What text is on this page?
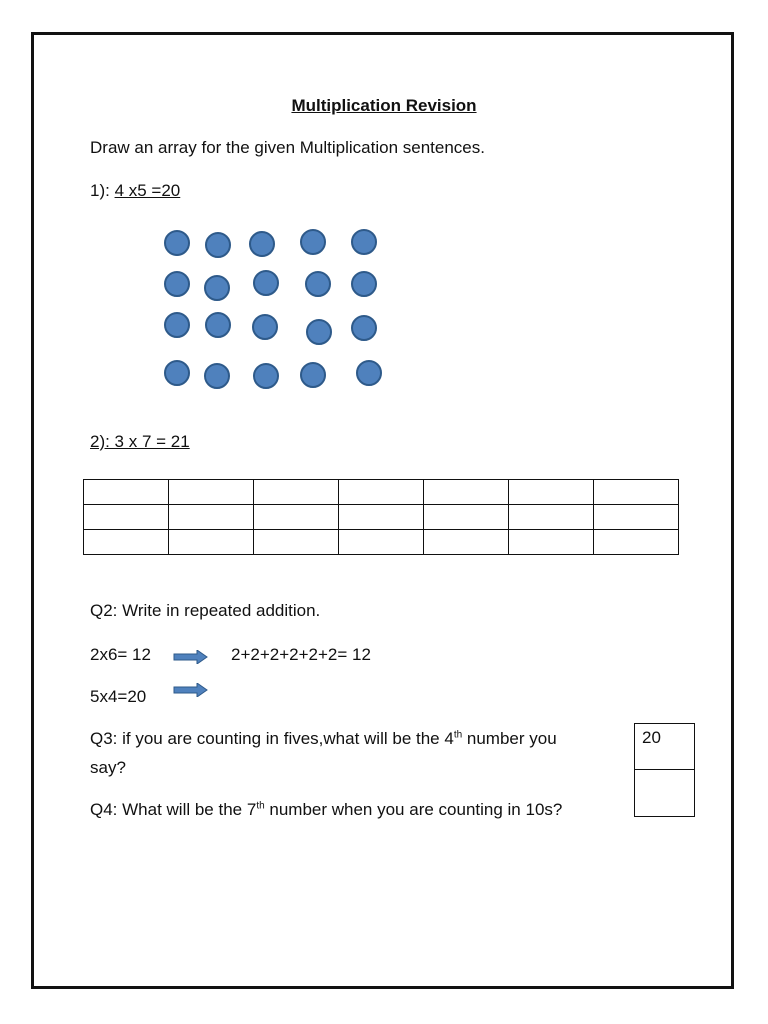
Multiplication Revision
Draw an array for the given Multiplication sentences.
1): 4 x5 =20
2): 3 x 7 = 21

Q2: Write in repeated addition.
2x6= 12	2+2+2+2+2+2= 12
5x4=20
Q3: if you are counting in fives,what will be the 4th number you
say?
20
Q4: What will be the 7th number when you are counting in 10s?
